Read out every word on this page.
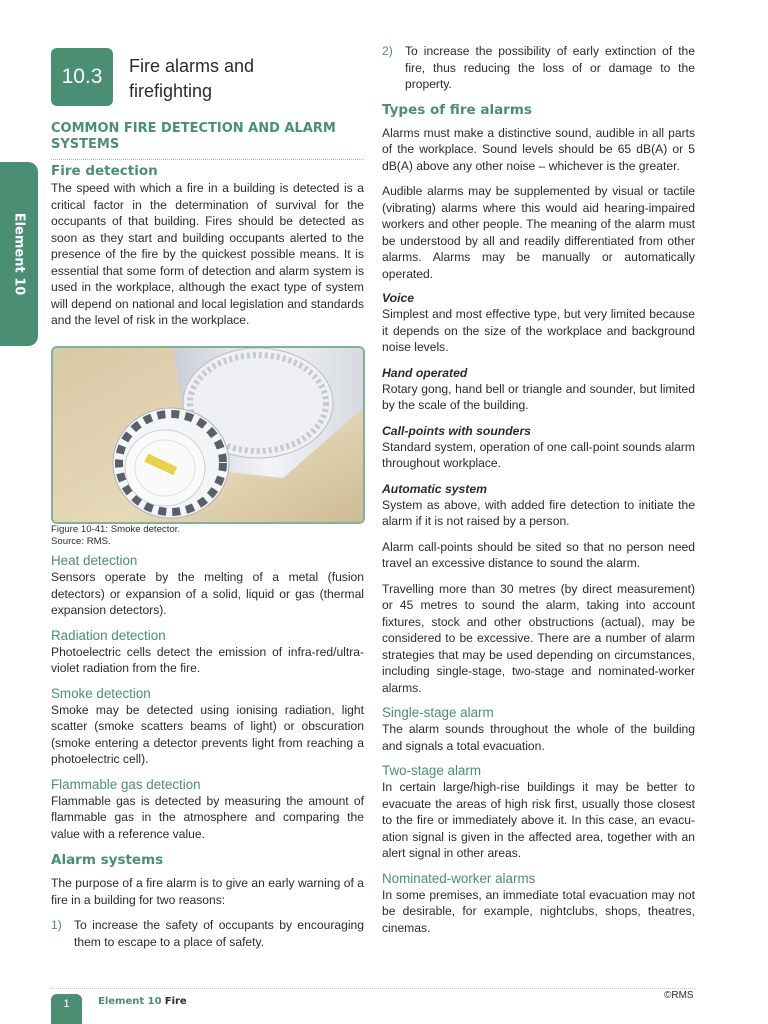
Element 10
10.3	Fire alarms and
firefighting
COMMON FIRE DETECTION AND ALARM SYSTEMS
Fire detection

The speed with which a fire in a building is detected is a critical factor in the determination of survival for the occupants of that building. Fires should be detected as soon as they start and building occupants alerted to the presence of the fire by the quickest possible means. It is essential that some form of detection and alarm system is used in the workplace, although the exact type of system will depend on national and local legislation and standards and the level of risk in the workplace.

Figure 10-41: Smoke detector.
Source: RMS.
Heat detection

Sensors operate by the melting of a metal (fusion detectors) or expansion of a solid, liquid or gas (thermal expansion detectors).

Radiation detection

Photoelectric cells detect the emission of infra-red/ultra-violet radiation from the fire.

Smoke detection

Smoke may be detected using ionising radiation, light scatter (smoke scatters beams of light) or obscuration (smoke entering a detector prevents light from reaching a photoelectric cell).

Flammable gas detection

Flammable gas is detected by measuring the amount of flammable gas in the atmosphere and comparing the value with a reference value.

Alarm systems

The purpose of a fire alarm is to give an early warning of a fire in a building for two reasons:

1) To increase the safety of occupants by encouraging them to escape to a place of safety.
2) To increase the possibility of early extinction of the fire, thus reducing the loss of or damage to the property.
Types of fire alarms

Alarms must make a distinctive sound, audible in all parts of the workplace. Sound levels should be 65 dB(A) or 5 dB(A) above any other noise – whichever is the greater.

Audible alarms may be supplemented by visual or tactile (vibrating) alarms where this would aid hearing-impaired workers and other people. The meaning of the alarm must be understood by all and readily differentiated from other alarms. Alarms may be manually or automatically operated.

Voice

Simplest and most effective type, but very limited because it depends on the size of the workplace and background noise levels.

Hand operated

Rotary gong, hand bell or triangle and sounder, but limited by the scale of the building.

Call-points with sounders

Standard system, operation of one call-point sounds alarm throughout workplace.

Automatic system

System as above, with added fire detection to initiate the alarm if it is not raised by a person.

Alarm call-points should be sited so that no person need travel an excessive distance to sound the alarm.

Travelling more than 30 metres (by direct measurement) or 45 metres to sound the alarm, taking into account fixtures, stock and other obstructions (actual), may be considered to be excessive. There are a number of alarm strategies that may be used depending on circumstances, including single-stage, two-stage and nominated-worker alarms.

Single-stage alarm

The alarm sounds throughout the whole of the building and signals a total evacuation.

Two-stage alarm

In certain large/high-rise buildings it may be better to evacuate the areas of high risk first, usually those closest to the fire or immediately above it. In this case, an evacu-ation signal is given in the affected area, together with an alert signal in other areas.

Nominated-worker alarms

In some premises, an immediate total evacuation may not be desirable, for example, nightclubs, shops, theatres, cinemas.

1	Element 10 Fire
©RMS
